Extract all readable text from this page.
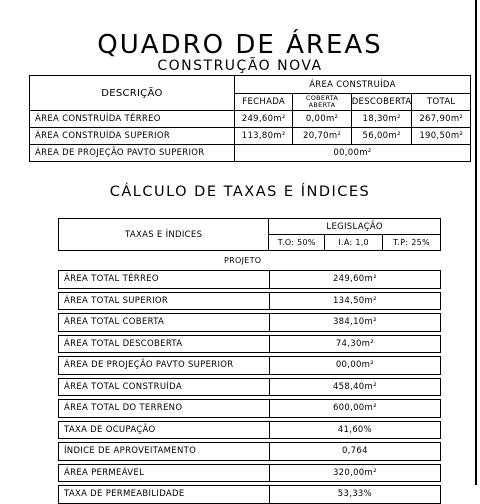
QUADRO DE ÁREAS
CONSTRUÇÃO NOVA
DESCRIÇÃO	ÁREA CONSTRUÍDA			
	FECHADA	COBERTA ABERTA	DESCOBERTA	TOTAL
ÁREA CONSTRUÍDA TÉRREO	249,60m²	0,00m²	18,30m²	267,90m²
ÁREA CONSTRUÍDA SUPERIOR	113,80m²	20,70m²	56,00m²	190,50m²
ÁREA DE PROJEÇÃO PAVTO SUPERIOR	00,00m²			
CÁLCULO DE TAXAS E ÍNDICES
TAXAS E ÍNDICES	LEGISLAÇÃO		
	T.O: 50%	I.A: 1,0	T.P: 25%
PROJETO
ÁREA TOTAL TÉRREO	249,60m²

ÁREA TOTAL SUPERIOR	134,50m²

ÁREA TOTAL COBERTA	384,10m²

ÁREA TOTAL DESCOBERTA	74,30m²

ÁREA DE PROJEÇÃO PAVTO SUPERIOR	00,00m²

ÁREA TOTAL CONSTRUÍDA	458,40m²

ÁREA TOTAL DO TERRENO	600,00m²

TAXA DE OCUPAÇÃO	41,60%

ÍNDICE DE APROVEITAMENTO	0,764

ÁREA PERMEÁVEL	320,00m²

TAXA DE PERMEABILIDADE	53,33%
